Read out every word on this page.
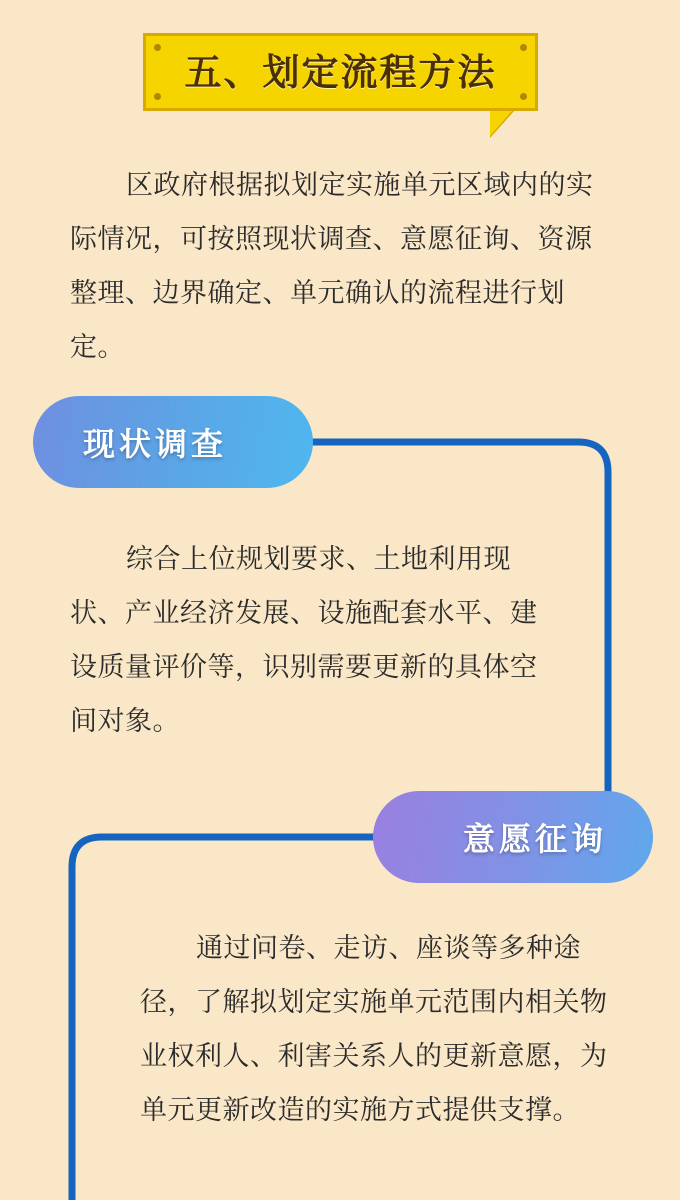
五、划定流程方法
区政府根据拟划定实施单元区域内的实际情况，可按照现状调查、意愿征询、资源整理、边界确定、单元确认的流程进行划定。
现状调查
综合上位规划要求、土地利用现状、产业经济发展、设施配套水平、建设质量评价等，识别需要更新的具体空间对象。
意愿征询
通过问卷、走访、座谈等多种途径，了解拟划定实施单元范围内相关物业权利人、利害关系人的更新意愿，为单元更新改造的实施方式提供支撑。
